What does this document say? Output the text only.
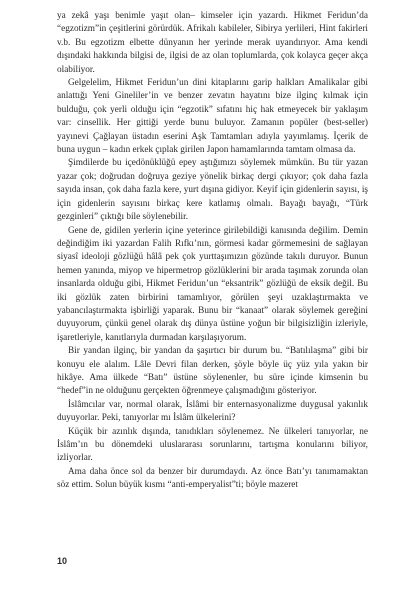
ya zekâ yaşı benimle yaşıt olan– kimseler için yazardı. Hikmet Feridun’da “egzotizm”in çeşitlerini görürdük. Afrikalı kabileler, Sibirya yerlileri, Hint fakirleri v.b. Bu egzotizm elbette dünyanın her yerinde merak uyandırıyor. Ama kendi dışındaki hakkında bilgisi de, ilgisi de az olan toplumlarda, çok kolayca geçer akça olabiliyor.

Gelgelelim, Hikmet Feridun’un dini kitaplarını garip halkları Amalikalar gibi anlattığı Yeni Gineliler’in ve benzer zevatın hayatını bize ilginç kılmak için bulduğu, çok yerli olduğu için “egzotik” sıfatını hiç hak etmeyecek bir yaklaşım var: cinsellik. Her gittiği yerde bunu buluyor. Zamanın popüler (best-seller) yayınevi Çağlayan üstadın eserini Aşk Tamtamları adıyla yayımlamış. İçerik de buna uygun – kadın erkek çıplak girilen Japon hamamlarında tamtam olmasa da.

Şimdilerde bu içedönüklüğü epey aştığımızı söylemek mümkün. Bu tür yazan yazar çok; doğrudan doğruya geziye yönelik birkaç dergi çıkıyor; çok daha fazla sayıda insan, çok daha fazla kere, yurt dışına gidiyor. Keyif için gidenlerin sayısı, iş için gidenlerin sayısını birkaç kere katlamış olmalı. Bayağı bayağı, “Türk gezginleri” çıktığı bile söylenebilir.

Gene de, gidilen yerlerin içine yeterince girilebildiği kanısında değilim. Demin değindiğim iki yazardan Falih Rıfkı’nın, görmesi kadar görmemesini de sağlayan siyasî ideoloji gözlüğü hâlâ pek çok yurttaşımızın gözünde takılı duruyor. Bunun hemen yanında, miyop ve hipermetrop gözlüklerini bir arada taşımak zorunda olan insanlarda olduğu gibi, Hikmet Feridun’un “eksantrik” gözlüğü de eksik değil. Bu iki gözlük zaten birbirini tamamlıyor, görülen şeyi uzaklaştırmakta ve yabancılaştırmakta işbirliği yaparak. Bunu bir “kanaat” olarak söylemek gereğini duyuyorum, çünkü genel olarak dış dünya üstüne yoğun bir bilgisizliğin izleriyle, işaretleriyle, kanıtlarıyla durmadan karşılaşıyorum.

Bir yandan ilginç, bir yandan da şaşırtıcı bir durum bu. “Batılılaşma” gibi bir konuyu ele alalım. Lâle Devri filan derken, şöyle böyle üç yüz yıla yakın bir hikâye. Ama ülkede “Batı” üstüne söylenenler, bu süre içinde kimsenin bu “hedef”in ne olduğunu gerçekten öğrenmeye çalışmadığını gösteriyor.

İslâmcılar var, normal olarak, İslâmi bir enternasyonalizme duygusal yakınlık duyuyorlar. Peki, tanıyorlar mı İslâm ülkelerini?

Küçük bir azınlık dışında, tanıdıkları söylenemez. Ne ülkeleri tanıyorlar, ne İslâm’ın bu dönemdeki uluslararası sorunlarını, tartışma konularını biliyor, izliyorlar.

Ama daha önce sol da benzer bir durumdaydı. Az önce Batı’yı tanımamaktan söz ettim. Solun büyük kısmı “anti-emperyalist”ti; böyle mazeret

10
